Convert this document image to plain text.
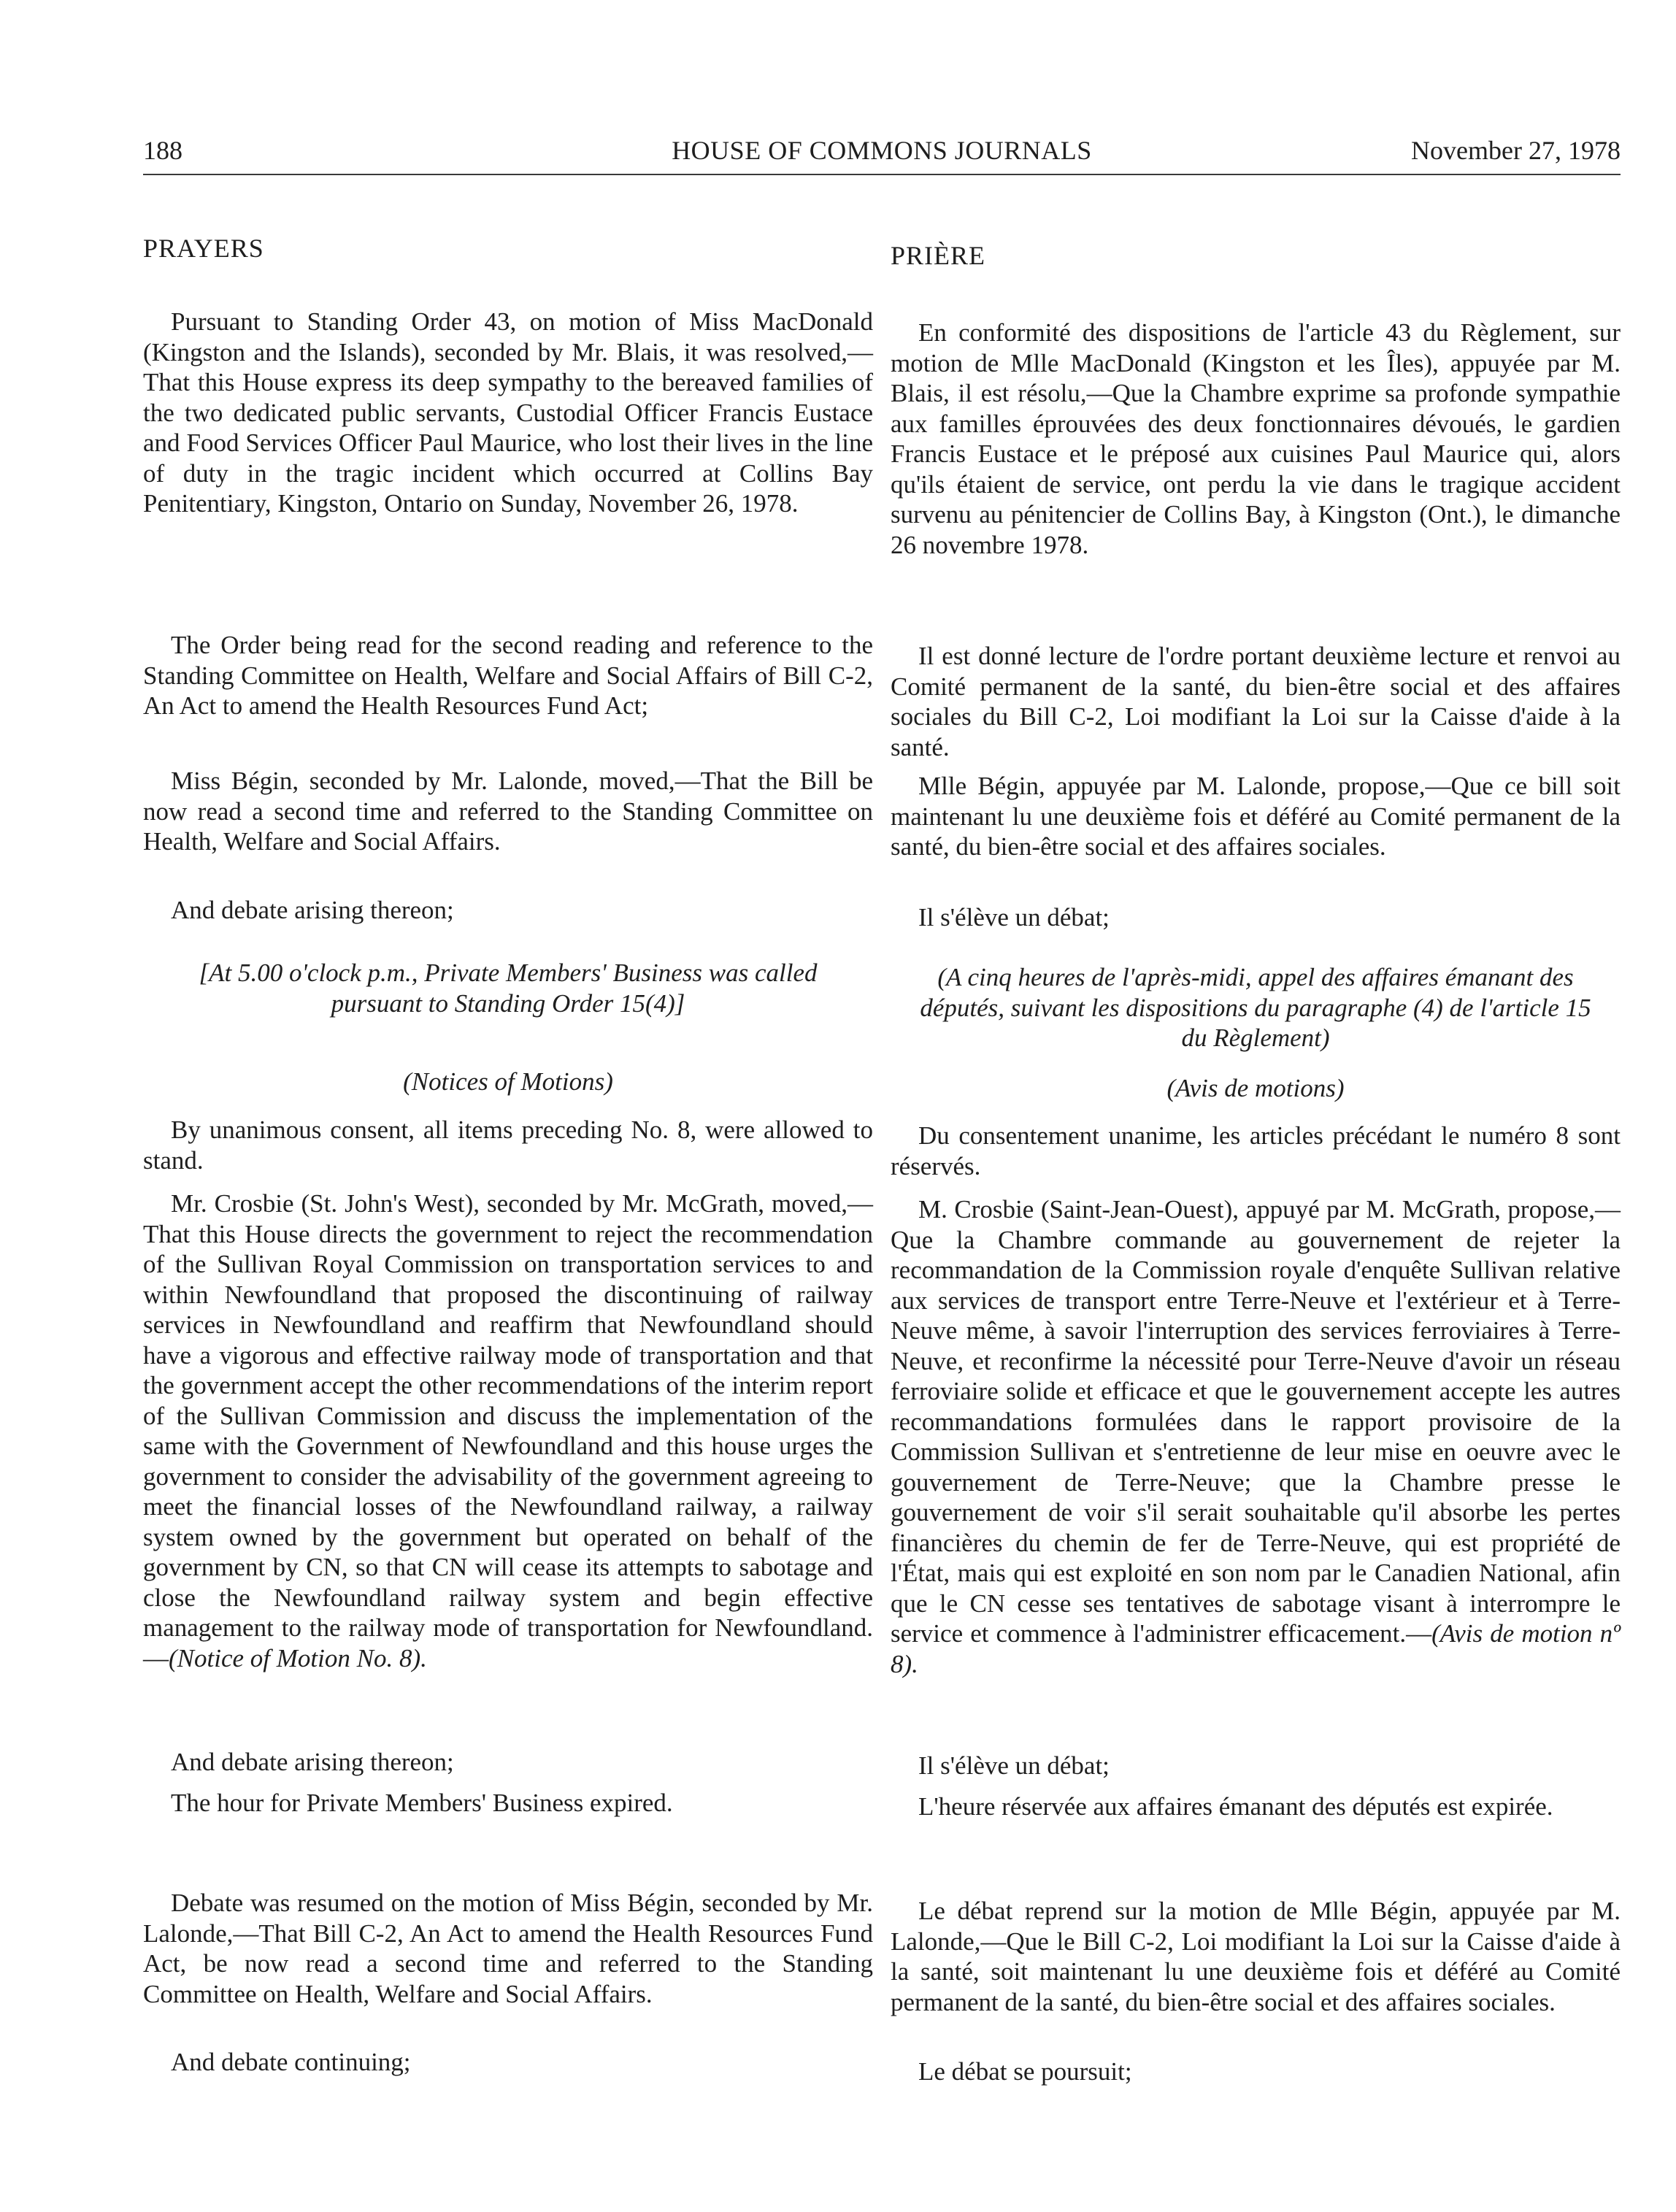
188	HOUSE OF COMMONS JOURNALS	November 27, 1978

PRAYERS

Pursuant to Standing Order 43, on motion of Miss MacDonald (Kingston and the Islands), seconded by Mr. Blais, it was resolved,—That this House express its deep sympathy to the bereaved families of the two dedicated public servants, Custodial Officer Francis Eustace and Food Services Officer Paul Maurice, who lost their lives in the line of duty in the tragic incident which occurred at Collins Bay Penitentiary, Kingston, Ontario on Sunday, November 26, 1978.

The Order being read for the second reading and reference to the Standing Committee on Health, Welfare and Social Affairs of Bill C-2, An Act to amend the Health Resources Fund Act;

Miss Bégin, seconded by Mr. Lalonde, moved,—That the Bill be now read a second time and referred to the Standing Committee on Health, Welfare and Social Affairs.

And debate arising thereon;

[At 5.00 o'clock p.m., Private Members' Business was called pursuant to Standing Order 15(4)]

(Notices of Motions)

By unanimous consent, all items preceding No. 8, were allowed to stand.

Mr. Crosbie (St. John's West), seconded by Mr. McGrath, moved,—That this House directs the government to reject the recommendation of the Sullivan Royal Commission on transportation services to and within Newfoundland that proposed the discontinuing of railway services in Newfoundland and reaffirm that Newfoundland should have a vigorous and effective railway mode of transportation and that the government accept the other recommendations of the interim report of the Sullivan Commission and discuss the implementation of the same with the Government of Newfoundland and this house urges the government to consider the advisability of the government agreeing to meet the financial losses of the Newfoundland railway, a railway system owned by the government but operated on behalf of the government by CN, so that CN will cease its attempts to sabotage and close the Newfoundland railway system and begin effective management to the railway mode of transportation for Newfoundland.—(Notice of Motion No. 8).

And debate arising thereon;

The hour for Private Members' Business expired.

Debate was resumed on the motion of Miss Bégin, seconded by Mr. Lalonde,—That Bill C-2, An Act to amend the Health Resources Fund Act, be now read a second time and referred to the Standing Committee on Health, Welfare and Social Affairs.

And debate continuing;

PRIÈRE

En conformité des dispositions de l'article 43 du Règlement, sur motion de Mlle MacDonald (Kingston et les Îles), appuyée par M. Blais, il est résolu,—Que la Chambre exprime sa profonde sympathie aux familles éprouvées des deux fonctionnaires dévoués, le gardien Francis Eustace et le préposé aux cuisines Paul Maurice qui, alors qu'ils étaient de service, ont perdu la vie dans le tragique accident survenu au pénitencier de Collins Bay, à Kingston (Ont.), le dimanche 26 novembre 1978.

Il est donné lecture de l'ordre portant deuxième lecture et renvoi au Comité permanent de la santé, du bien-être social et des affaires sociales du Bill C-2, Loi modifiant la Loi sur la Caisse d'aide à la santé.

Mlle Bégin, appuyée par M. Lalonde, propose,—Que ce bill soit maintenant lu une deuxième fois et déféré au Comité permanent de la santé, du bien-être social et des affaires sociales.

Il s'élève un débat;

(A cinq heures de l'après-midi, appel des affaires émanant des députés, suivant les dispositions du paragraphe (4) de l'article 15 du Règlement)

(Avis de motions)

Du consentement unanime, les articles précédant le numéro 8 sont réservés.

M. Crosbie (Saint-Jean-Ouest), appuyé par M. McGrath, propose,—Que la Chambre commande au gouvernement de rejeter la recommandation de la Commission royale d'enquête Sullivan relative aux services de transport entre Terre-Neuve et l'extérieur et à Terre-Neuve même, à savoir l'interruption des services ferroviaires à Terre-Neuve, et reconfirme la nécessité pour Terre-Neuve d'avoir un réseau ferroviaire solide et efficace et que le gouvernement accepte les autres recommandations formulées dans le rapport provisoire de la Commission Sullivan et s'entretienne de leur mise en oeuvre avec le gouvernement de Terre-Neuve; que la Chambre presse le gouvernement de voir s'il serait souhaitable qu'il absorbe les pertes financières du chemin de fer de Terre-Neuve, qui est propriété de l'État, mais qui est exploité en son nom par le Canadien National, afin que le CN cesse ses tentatives de sabotage visant à interrompre le service et commence à l'administrer efficacement.—(Avis de motion nº 8).

Il s'élève un débat;

L'heure réservée aux affaires émanant des députés est expirée.

Le débat reprend sur la motion de Mlle Bégin, appuyée par M. Lalonde,—Que le Bill C-2, Loi modifiant la Loi sur la Caisse d'aide à la santé, soit maintenant lu une deuxième fois et déféré au Comité permanent de la santé, du bien-être social et des affaires sociales.

Le débat se poursuit;
